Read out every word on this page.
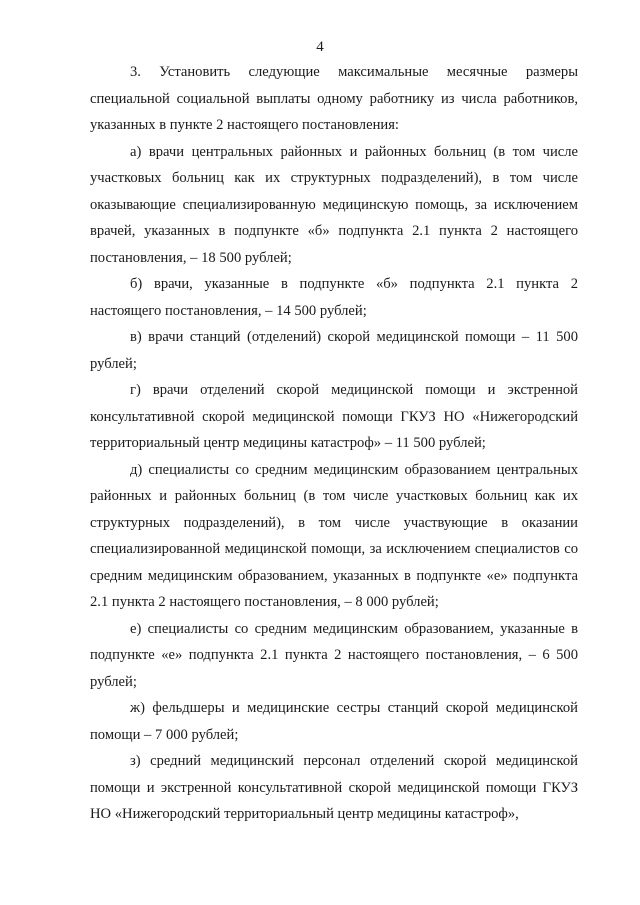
4

3. Установить следующие максимальные месячные размеры специальной социальной выплаты одному работнику из числа работников, указанных в пункте 2 настоящего постановления:

а) врачи центральных районных и районных больниц (в том числе участковых больниц как их структурных подразделений), в том числе оказывающие специализированную медицинскую помощь, за исключением врачей, указанных в подпункте «б» подпункта 2.1 пункта 2 настоящего постановления, – 18 500 рублей;

б) врачи, указанные в подпункте «б» подпункта 2.1 пункта 2 настоящего постановления, – 14 500 рублей;

в) врачи станций (отделений) скорой медицинской помощи – 11 500 рублей;

г) врачи отделений скорой медицинской помощи и экстренной консультативной скорой медицинской помощи ГКУЗ НО «Нижегородский территориальный центр медицины катастроф» – 11 500 рублей;

д) специалисты со средним медицинским образованием центральных районных и районных больниц (в том числе участковых больниц как их структурных подразделений), в том числе участвующие в оказании специализированной медицинской помощи, за исключением специалистов со средним медицинским образованием, указанных в подпункте «е» подпункта 2.1 пункта 2 настоящего постановления, – 8 000 рублей;

е) специалисты со средним медицинским образованием, указанные в подпункте «е» подпункта 2.1 пункта 2 настоящего постановления, – 6 500 рублей;

ж) фельдшеры и медицинские сестры станций скорой медицинской помощи – 7 000 рублей;

з) средний медицинский персонал отделений скорой медицинской помощи и экстренной консультативной скорой медицинской помощи ГКУЗ НО «Нижегородский территориальный центр медицины катастроф»,
